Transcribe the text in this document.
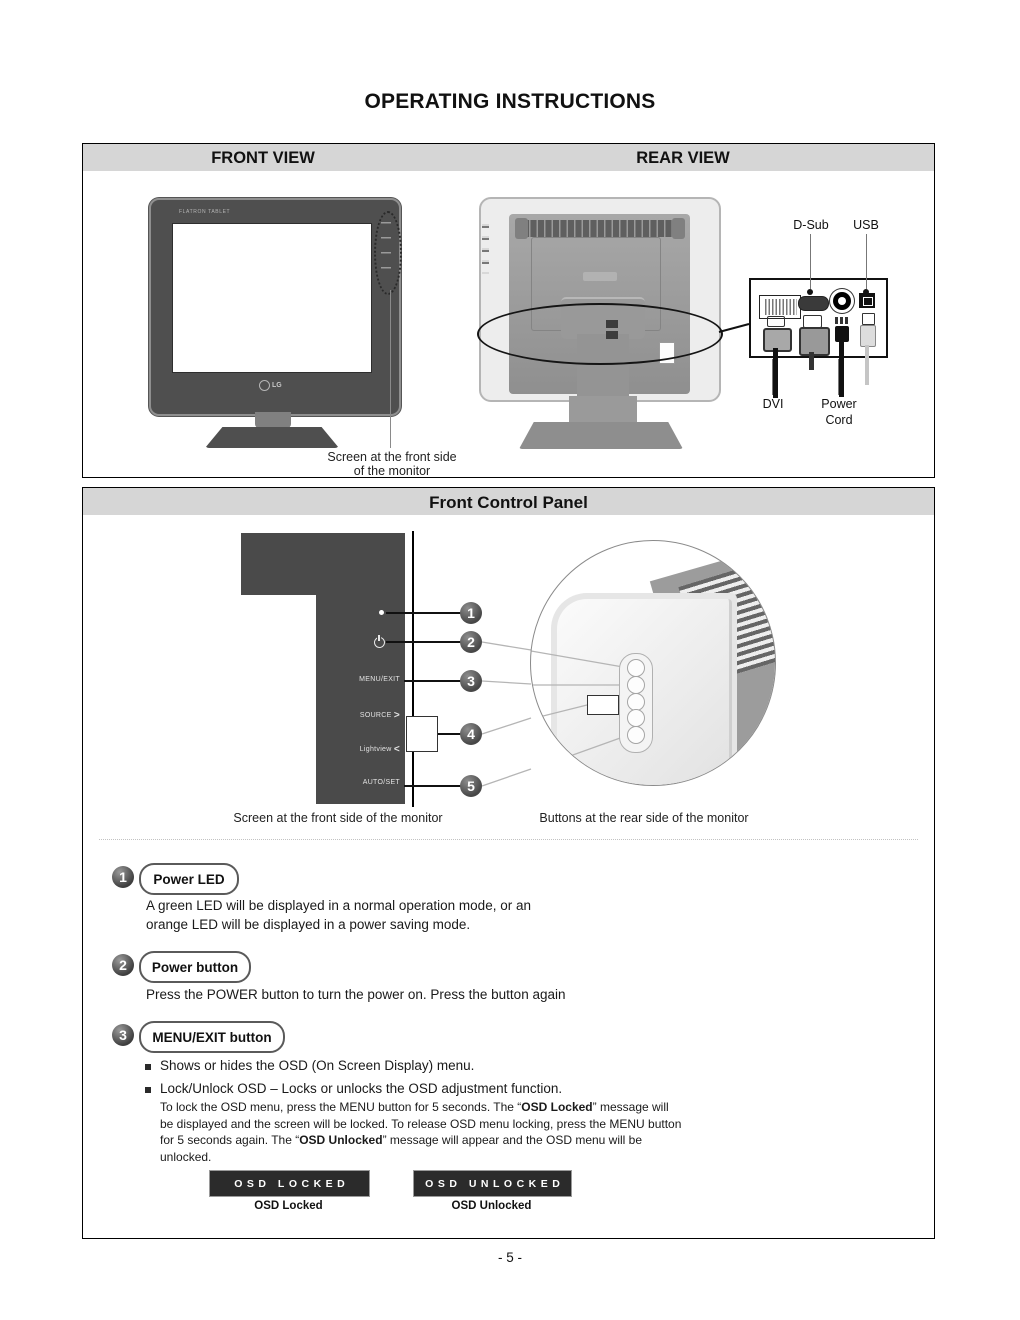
OPERATING INSTRUCTIONS
FRONT VIEW	REAR VIEW
FLATRON TABLET
LG
Screen at the front side of the monitor
D-Sub	USB
DVI	Power Cord
Front Control Panel
MENU/EXIT
SOURCE >
Lightview <
AUTO/SET
1
2
3
4
5
Screen at the front side of the monitor	Buttons at the rear side of the monitor
1	Power LED
A green LED will be displayed in a normal operation mode, or an orange LED will be displayed in a power saving mode.
2	Power button
Press the POWER button to turn the power on. Press the button again
3	MENU/EXIT button
Shows or hides the OSD (On Screen Display) menu.
Lock/Unlock OSD – Locks or unlocks the OSD adjustment function.

To lock the OSD menu, press the MENU button for 5 seconds. The “OSD Locked” message will be displayed and the screen will be locked. To release OSD menu locking, press the MENU button for 5 seconds again. The “OSD Unlocked” message will appear and the OSD menu will be unlocked.

OSD LOCKED	OSD UNLOCKED
OSD Locked	OSD Unlocked
- 5 -
